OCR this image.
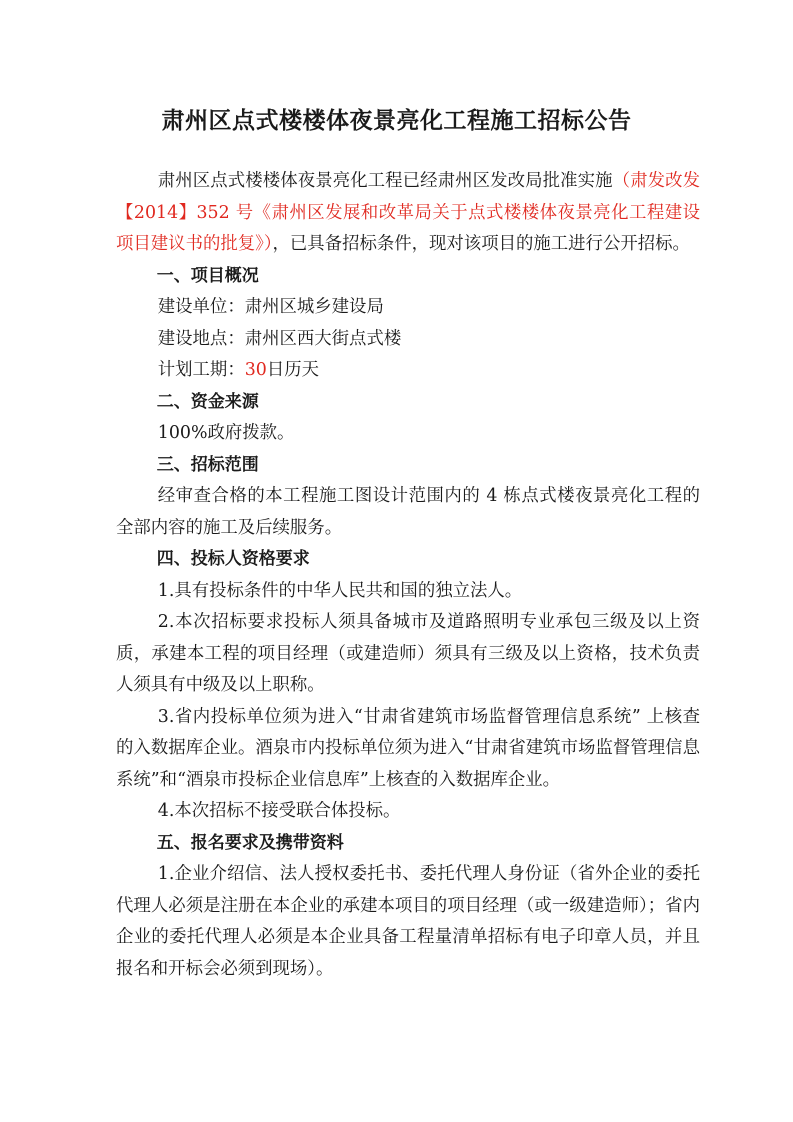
肃州区点式楼楼体夜景亮化工程施工招标公告

肃州区点式楼楼体夜景亮化工程已经肃州区发改局批准实施（肃发改发【2014】352 号《肃州区发展和改革局关于点式楼楼体夜景亮化工程建设项目建议书的批复》），已具备招标条件，现对该项目的施工进行公开招标。

一、项目概况

建设单位：肃州区城乡建设局

建设地点：肃州区西大街点式楼

计划工期：30日历天

二、资金来源

100%政府拨款。

三、招标范围

经审查合格的本工程施工图设计范围内的 4 栋点式楼夜景亮化工程的全部内容的施工及后续服务。

四、投标人资格要求

1.具有投标条件的中华人民共和国的独立法人。

2.本次招标要求投标人须具备城市及道路照明专业承包三级及以上资质，承建本工程的项目经理（或建造师）须具有三级及以上资格，技术负责人须具有中级及以上职称。

3.省内投标单位须为进入“甘肃省建筑市场监督管理信息系统” 上核查的入数据库企业。酒泉市内投标单位须为进入“甘肃省建筑市场监督管理信息系统”和“酒泉市投标企业信息库”上核查的入数据库企业。

4.本次招标不接受联合体投标。

五、报名要求及携带资料

1.企业介绍信、法人授权委托书、委托代理人身份证（省外企业的委托代理人必须是注册在本企业的承建本项目的项目经理（或一级建造师）；省内企业的委托代理人必须是本企业具备工程量清单招标有电子印章人员，并且报名和开标会必须到现场）。
